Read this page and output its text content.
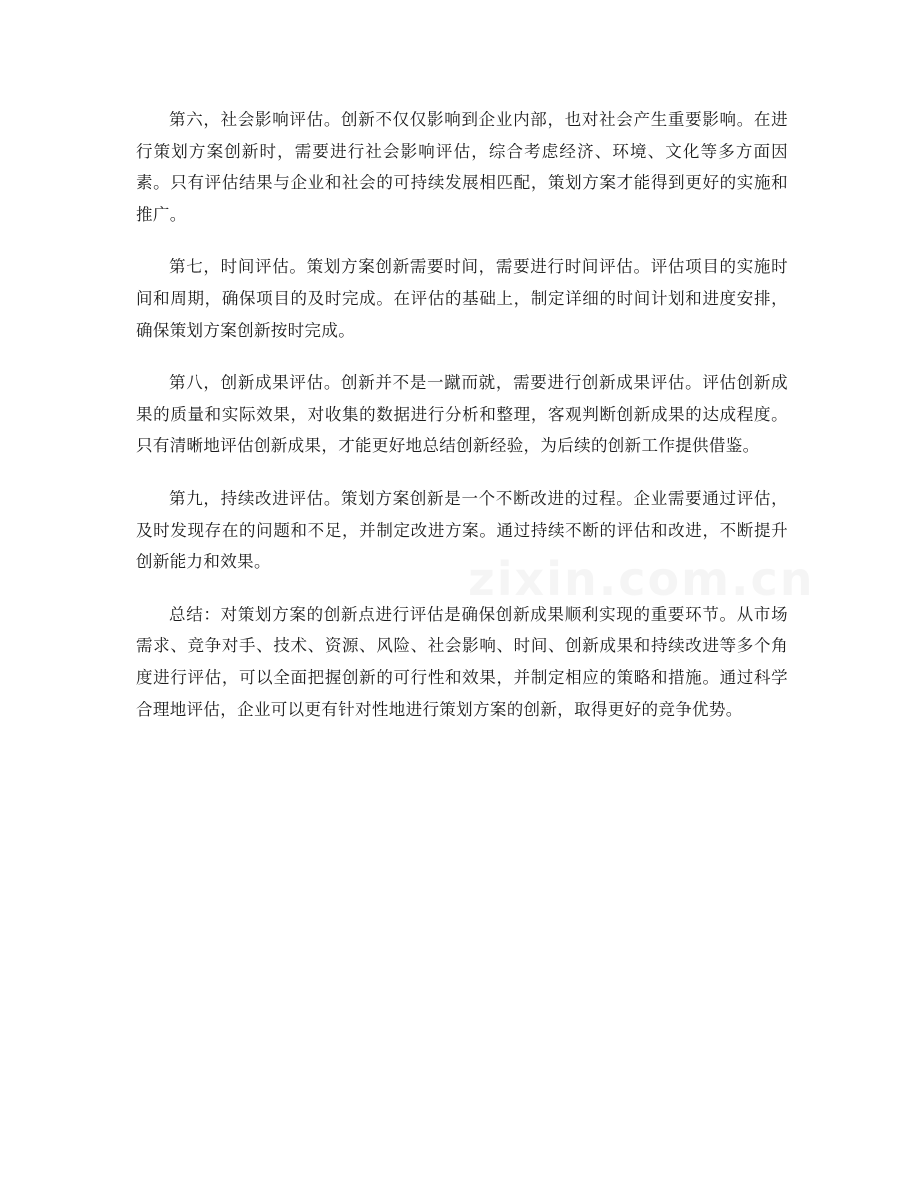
第六，社会影响评估。创新不仅仅影响到企业内部，也对社会产生重要影响。在进行策划方案创新时，需要进行社会影响评估，综合考虑经济、环境、文化等多方面因素。只有评估结果与企业和社会的可持续发展相匹配，策划方案才能得到更好的实施和推广。

第七，时间评估。策划方案创新需要时间，需要进行时间评估。评估项目的实施时间和周期，确保项目的及时完成。在评估的基础上，制定详细的时间计划和进度安排，确保策划方案创新按时完成。

第八，创新成果评估。创新并不是一蹴而就，需要进行创新成果评估。评估创新成果的质量和实际效果，对收集的数据进行分析和整理，客观判断创新成果的达成程度。只有清晰地评估创新成果，才能更好地总结创新经验，为后续的创新工作提供借鉴。

第九，持续改进评估。策划方案创新是一个不断改进的过程。企业需要通过评估，及时发现存在的问题和不足，并制定改进方案。通过持续不断的评估和改进，不断提升创新能力和效果。

总结：对策划方案的创新点进行评估是确保创新成果顺利实现的重要环节。从市场需求、竞争对手、技术、资源、风险、社会影响、时间、创新成果和持续改进等多个角度进行评估，可以全面把握创新的可行性和效果，并制定相应的策略和措施。通过科学合理地评估，企业可以更有针对性地进行策划方案的创新，取得更好的竞争优势。
